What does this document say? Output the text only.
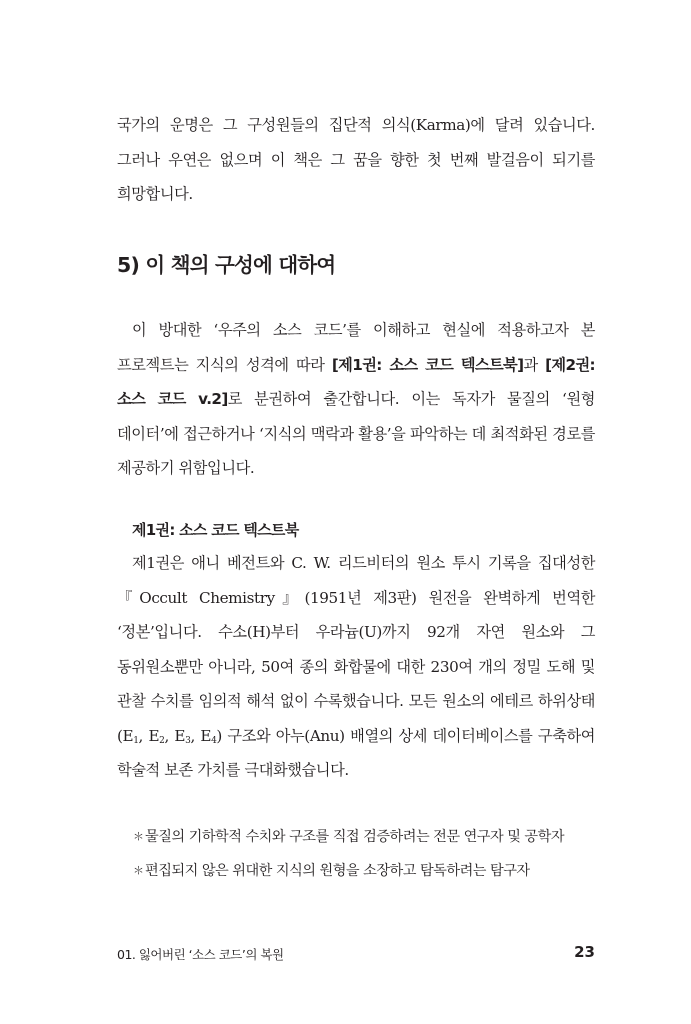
국가의 운명은 그 구성원들의 집단적 의식(Karma)에 달려 있습니다. 그러나 우연은 없으며 이 책은 그 꿈을 향한 첫 번째 발걸음이 되기를 희망합니다.

5) 이 책의 구성에 대하여

이 방대한 ‘우주의 소스 코드’를 이해하고 현실에 적용하고자 본 프로젝트는 지식의 성격에 따라 [제1권: 소스 코드 텍스트북]과 [제2권: 소스 코드 v.2]로 분권하여 출간합니다. 이는 독자가 물질의 ‘원형 데이터’에 접근하거나 ‘지식의 맥락과 활용’을 파악하는 데 최적화된 경로를 제공하기 위함입니다.

제1권: 소스 코드 텍스트북

제1권은 애니 베전트와 C. W. 리드비터의 원소 투시 기록을 집대성한 『Occult Chemistry』(1951년 제3판) 원전을 완벽하게 번역한 ‘정본’입니다. 수소(H)부터 우라늄(U)까지 92개 자연 원소와 그 동위원소뿐만 아니라, 50여 종의 화합물에 대한 230여 개의 정밀 도해 및 관찰 수치를 임의적 해석 없이 수록했습니다. 모든 원소의 에테르 하위상태($E_1$, $E_2$, $E_3$, $E_4$) 구조와 아누(Anu) 배열의 상세 데이터베이스를 구축하여 학술적 보존 가치를 극대화했습니다.

＊ 물질의 기하학적 수치와 구조를 직접 검증하려는 전문 연구자 및 공학자
＊ 편집되지 않은 위대한 지식의 원형을 소장하고 탐독하려는 탐구자
01. 잃어버린 ‘소스 코드’의 복원	23
